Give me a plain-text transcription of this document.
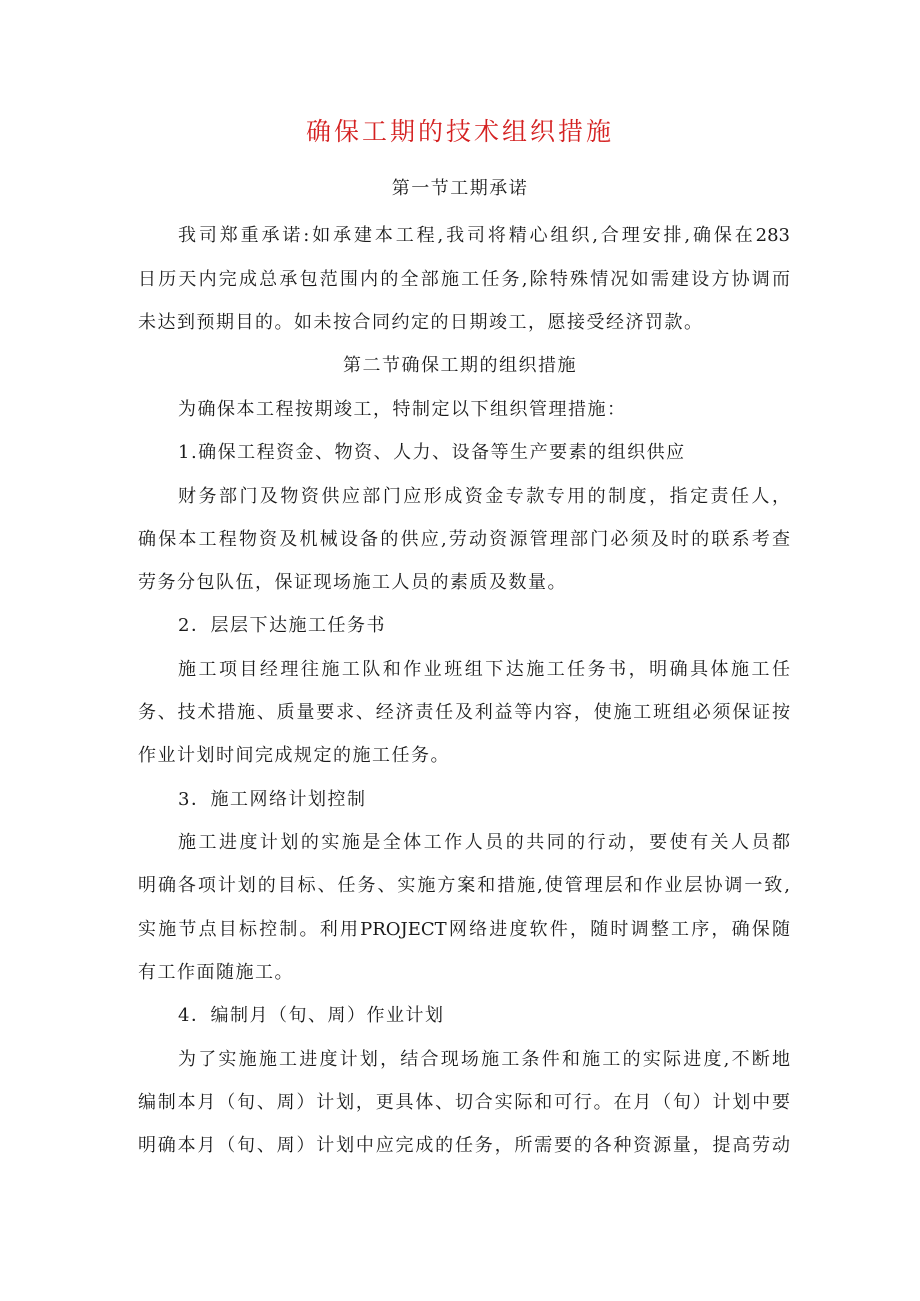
确保工期的技术组织措施
第一节工期承诺
我司郑重承诺:如承建本工程,我司将精心组织,合理安排,确保在283
日历天内完成总承包范围内的全部施工任务,除特殊情况如需建设方协调而
未达到预期目的。如未按合同约定的日期竣工，愿接受经济罚款。
第二节确保工期的组织措施
为确保本工程按期竣工，特制定以下组织管理措施：
1.确保工程资金、物资、人力、设备等生产要素的组织供应
财务部门及物资供应部门应形成资金专款专用的制度，指定责任人，
确保本工程物资及机械设备的供应,劳动资源管理部门必须及时的联系考查
劳务分包队伍，保证现场施工人员的素质及数量。
2．层层下达施工任务书
施工项目经理往施工队和作业班组下达施工任务书，明确具体施工任
务、技术措施、质量要求、经济责任及利益等内容，使施工班组必须保证按
作业计划时间完成规定的施工任务。
3．施工网络计划控制
施工进度计划的实施是全体工作人员的共同的行动，要使有关人员都
明确各项计划的目标、任务、实施方案和措施,使管理层和作业层协调一致,
实施节点目标控制。利用PROJECT网络进度软件，随时调整工序，确保随
有工作面随施工。
4．编制月（旬、周）作业计划
为了实施施工进度计划，结合现场施工条件和施工的实际进度,不断地
编制本月（旬、周）计划，更具体、切合实际和可行。在月（旬）计划中要
明确本月（旬、周）计划中应完成的任务，所需要的各种资源量，提高劳动
